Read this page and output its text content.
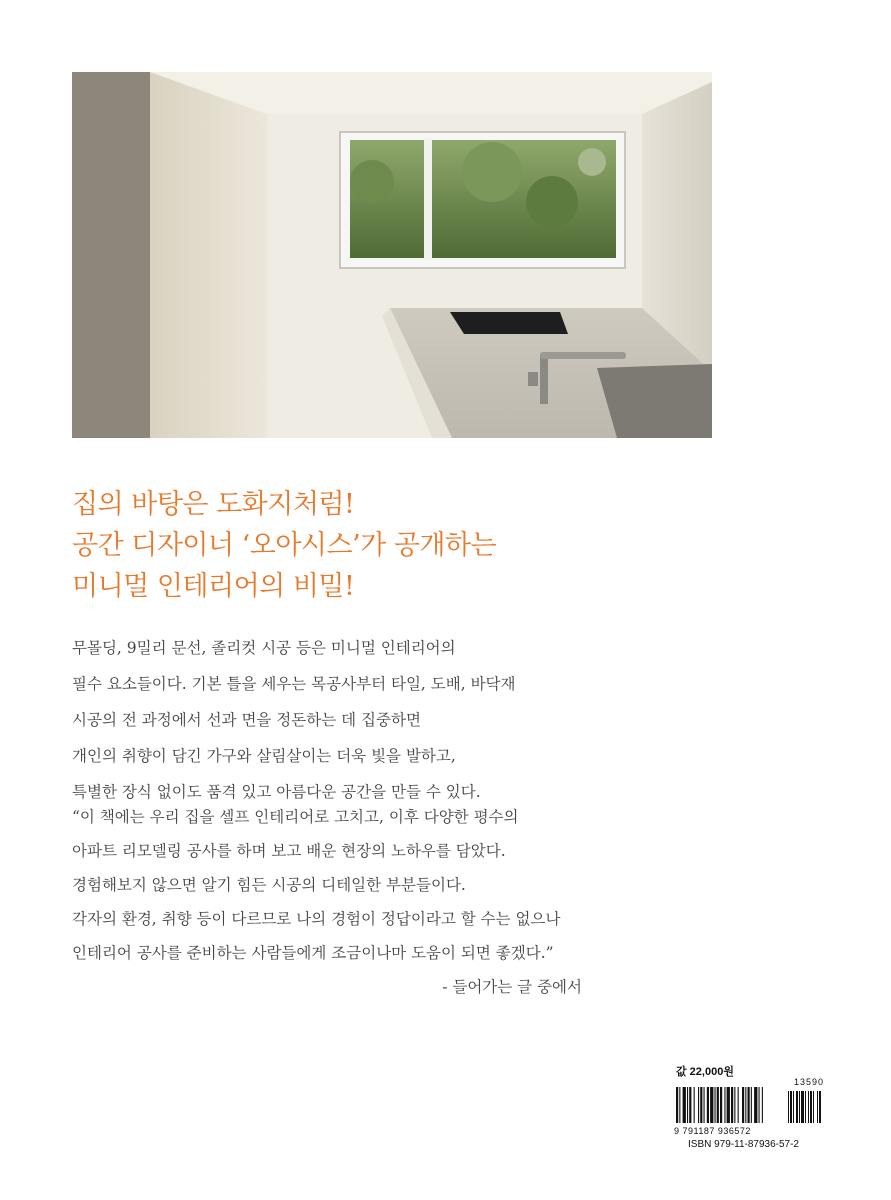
집의 바탕은 도화지처럼!
공간 디자이너 ‘오아시스’가 공개하는
미니멀 인테리어의 비밀!
무몰딩, 9밀리 문선, 졸리컷 시공 등은 미니멀 인테리어의
필수 요소들이다. 기본 틀을 세우는 목공사부터 타일, 도배, 바닥재
시공의 전 과정에서 선과 면을 정돈하는 데 집중하면
개인의 취향이 담긴 가구와 살림살이는 더욱 빛을 발하고,
특별한 장식 없이도 품격 있고 아름다운 공간을 만들 수 있다.
“이 책에는 우리 집을 셀프 인테리어로 고치고, 이후 다양한 평수의
아파트 리모델링 공사를 하며 보고 배운 현장의 노하우를 담았다.
경험해보지 않으면 알기 힘든 시공의 디테일한 부분들이다.
각자의 환경, 취향 등이 다르므로 나의 경험이 정답이라고 할 수는 없으나
인테리어 공사를 준비하는 사람들에게 조금이나마 도움이 되면 좋겠다.”
- 들어가는 글 중에서
값 22,000원
13590
9 791187 936572
ISBN 979-11-87936-57-2
